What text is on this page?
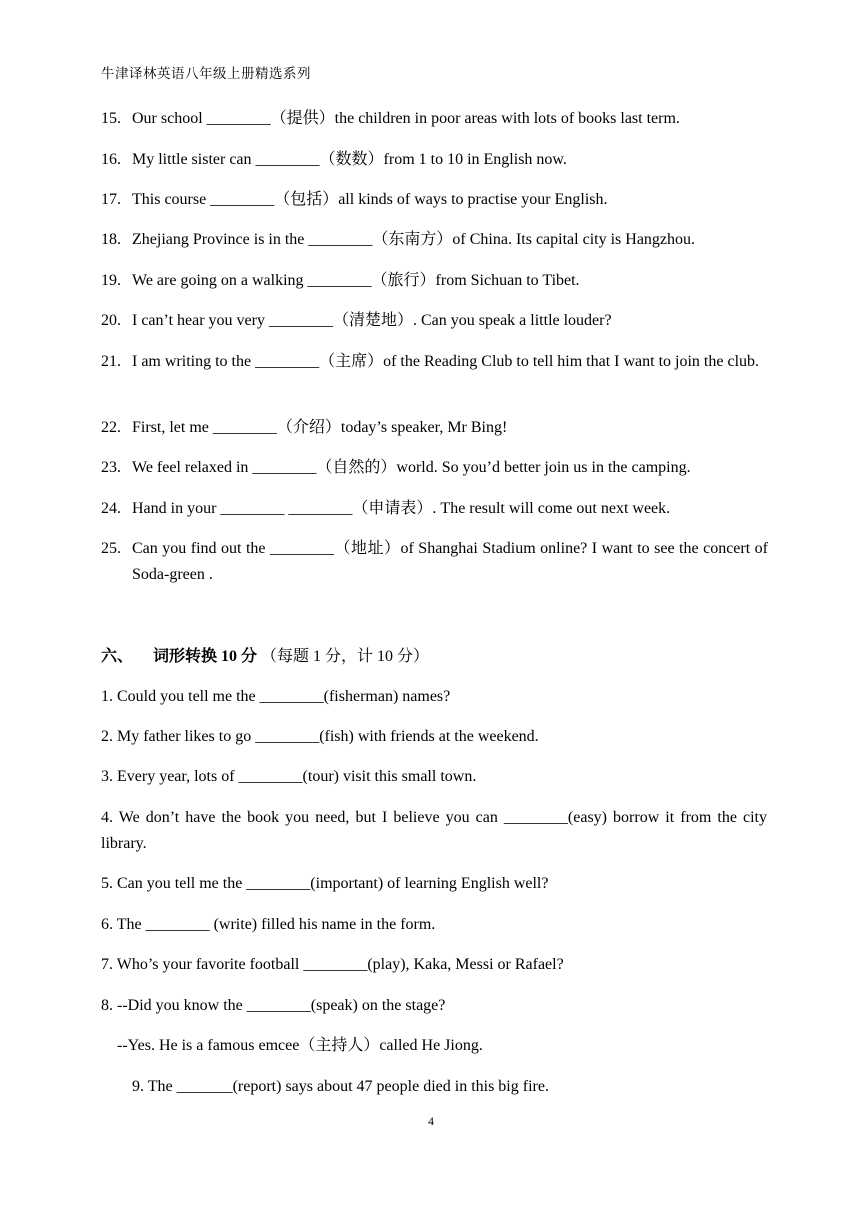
牛津译林英语八年级上册精选系列
15. Our school ________（提供）the children in poor areas with lots of books last term.
16. My little sister can ________（数数）from 1 to 10 in English now.
17. This course ________（包括）all kinds of ways to practise your English.
18. Zhejiang Province is in the ________（东南方）of China. Its capital city is Hangzhou.
19. We are going on a walking ________（旅行）from Sichuan to Tibet.
20. I can’t hear you very ________（清楚地）. Can you speak a little louder?
21. I am writing to the ________（主席）of the Reading Club to tell him that I want to join the club.
22. First, let me ________（介绍）today’s speaker, Mr Bing!
23. We feel relaxed in ________（自然的）world. So you’d better join us in the camping.
24. Hand in your ________ ________（申请表）. The result will come out next week.
25. Can you find out the ________（地址）of Shanghai Stadium online? I want to see the concert of Soda-green .
六、 词形转换 10 分 （每题 1 分，计 10 分）
1. Could you tell me the ________(fisherman) names?
2. My father likes to go ________(fish) with friends at the weekend.
3. Every year, lots of ________(tour) visit this small town.
4. We don’t have the book you need, but I believe you can ________(easy) borrow it from the city library.
5. Can you tell me the ________(important) of learning English well?
6. The ________ (write) filled his name in the form.
7. Who’s your favorite football ________(play), Kaka, Messi or Rafael?
8. --Did you know the ________(speak) on the stage?
--Yes. He is a famous emcee（主持人）called He Jiong.
9. The _______(report) says about 47 people died in this big fire.
4
